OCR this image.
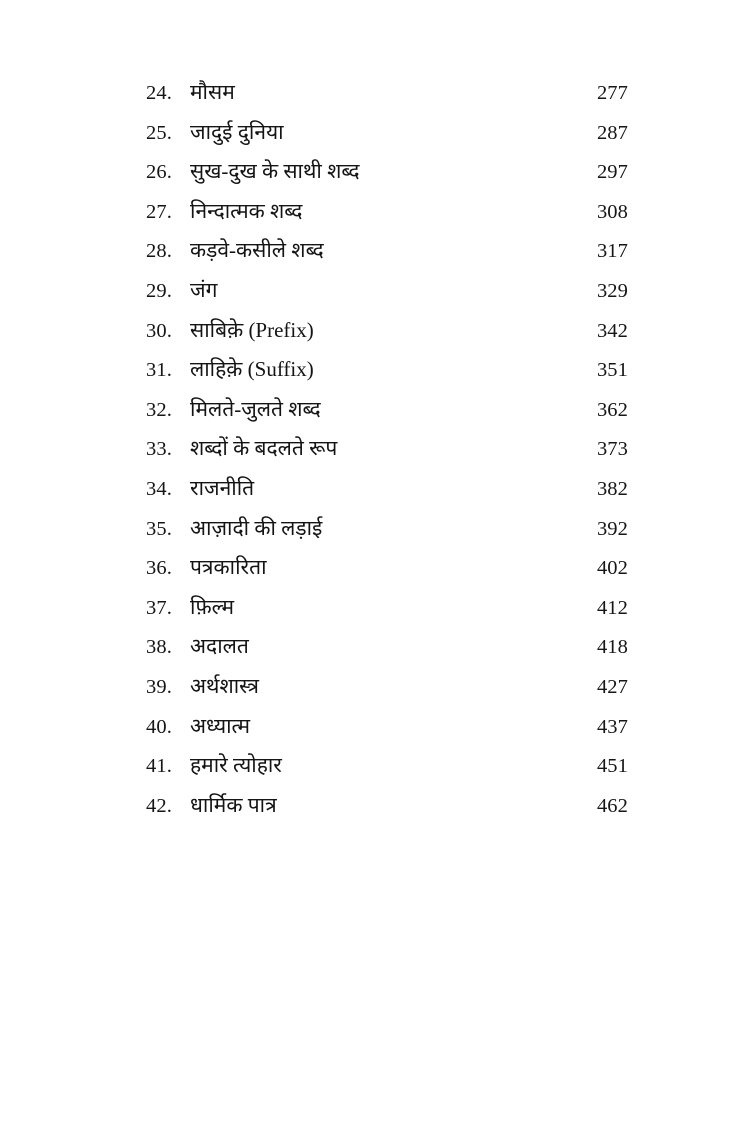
24. मौसम	277
25. जादुई दुनिया	287
26. सुख-दुख के साथी शब्द	297
27. निन्दात्मक शब्द	308
28. कड़वे-कसीले शब्द	317
29. जंग	329
30. साबिक़े (Prefix)	342
31. लाहिक़े (Suffix)	351
32. मिलते-जुलते शब्द	362
33. शब्दों के बदलते रूप	373
34. राजनीति	382
35. आज़ादी की लड़ाई	392
36. पत्रकारिता	402
37. फ़िल्म	412
38. अदालत	418
39. अर्थशास्त्र	427
40. अध्यात्म	437
41. हमारे त्योहार	451
42. धार्मिक पात्र	462
